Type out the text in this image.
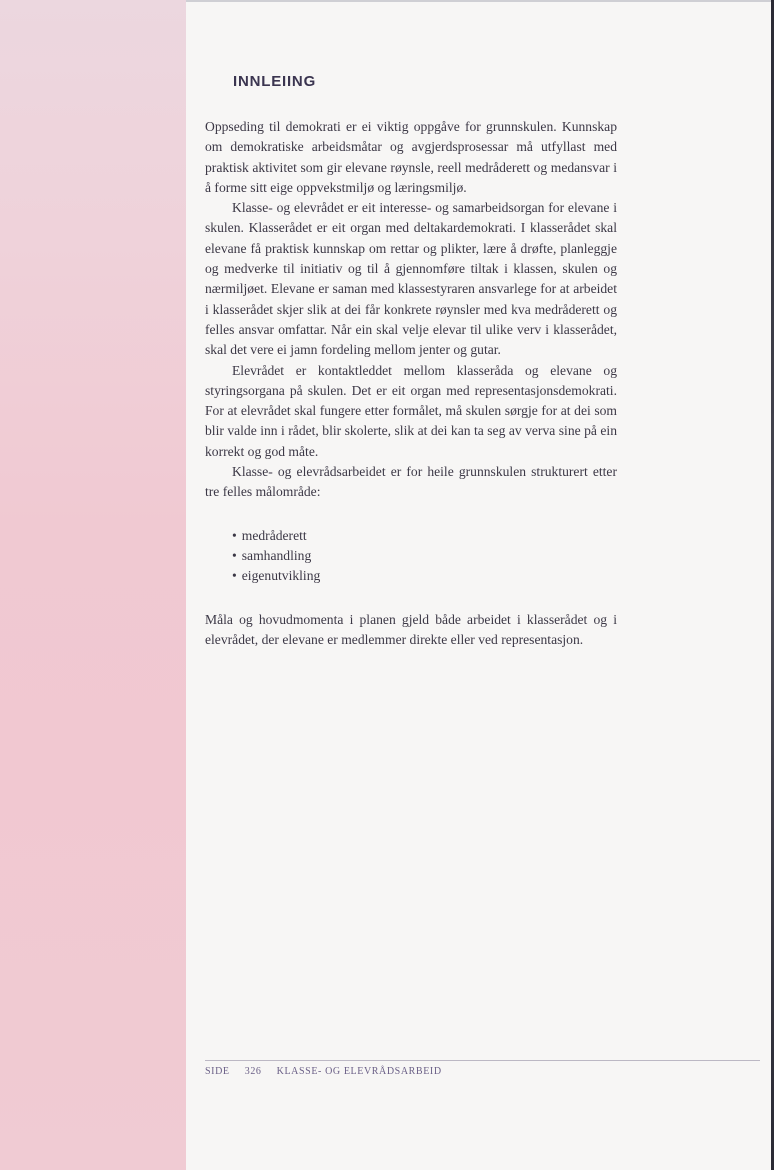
INNLEIING

Oppseding til demokrati er ei viktig oppgåve for grunnskulen. Kunnskap om demokratiske arbeidsmåtar og avgjerdsprosessar må utfyllast med praktisk aktivitet som gir elevane røynsle, reell medråderett og medansvar i å forme sitt eige oppvekstmiljø og læringsmiljø.

Klasse- og elevrådet er eit interesse- og samarbeidsorgan for elevane i skulen. Klasserådet er eit organ med deltakardemokrati. I klasserådet skal elevane få praktisk kunnskap om rettar og plikter, lære å drøfte, planleggje og medverke til initiativ og til å gjennomføre tiltak i klassen, skulen og nærmiljøet. Elevane er saman med klassestyraren ansvarlege for at arbeidet i klasserådet skjer slik at dei får konkrete røynsler med kva medråderett og felles ansvar omfattar. Når ein skal velje elevar til ulike verv i klasserådet, skal det vere ei jamn fordeling mellom jenter og gutar.

Elevrådet er kontaktleddet mellom klasseråda og elevane og styringsorgana på skulen. Det er eit organ med representasjonsdemokrati. For at elevrådet skal fungere etter formålet, må skulen sørgje for at dei som blir valde inn i rådet, blir skolerte, slik at dei kan ta seg av verva sine på ein korrekt og god måte.

Klasse- og elevrådsarbeidet er for heile grunnskulen strukturert etter tre felles målområde:

• medråderett
• samhandling
• eigenutvikling

Måla og hovudmomenta i planen gjeld både arbeidet i klasserådet og i elevrådet, der elevane er medlemmer direkte eller ved representasjon.

SIDE 326 KLASSE- OG ELEVRÅDSARBEID
